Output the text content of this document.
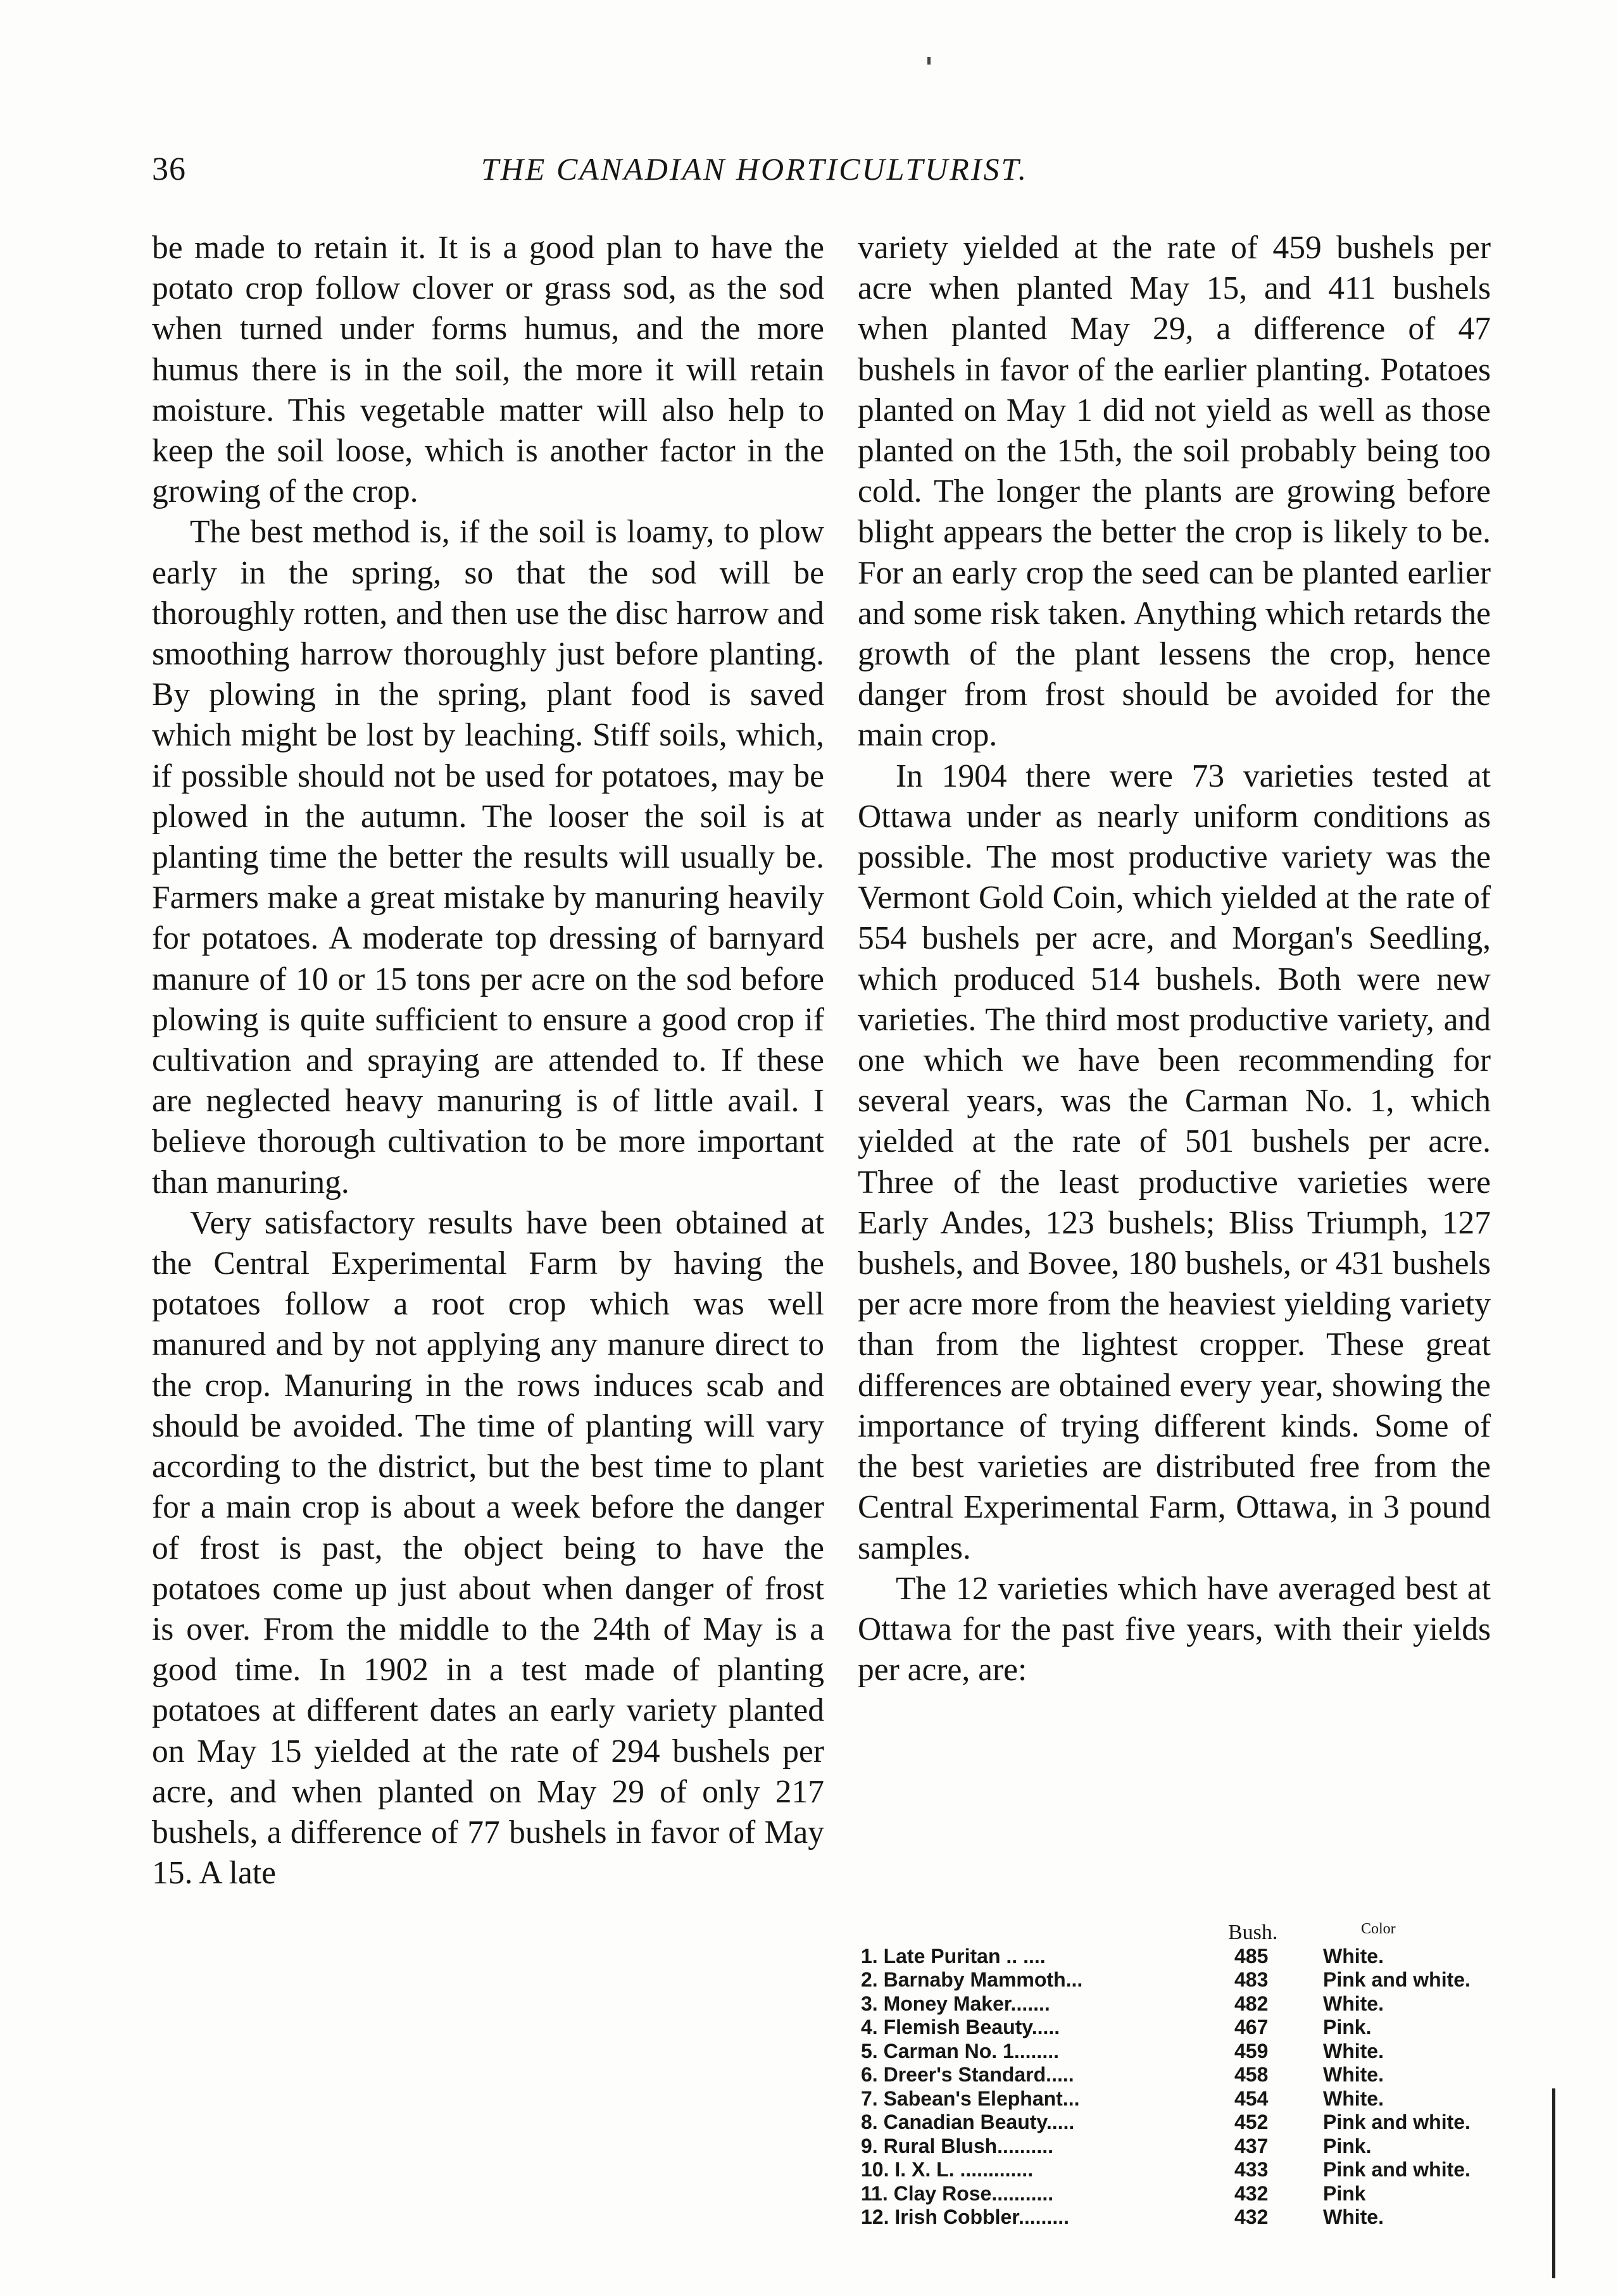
36	THE CANADIAN HORTICULTURIST.

be made to retain it. It is a good plan to have the potato crop follow clover or grass sod, as the sod when turned under forms humus, and the more humus there is in the soil, the more it will retain moisture. This vegetable matter will also help to keep the soil loose, which is another factor in the growing of the crop.

The best method is, if the soil is loamy, to plow early in the spring, so that the sod will be thoroughly rotten, and then use the disc harrow and smoothing harrow thoroughly just before planting. By plowing in the spring, plant food is saved which might be lost by leaching. Stiff soils, which, if possible should not be used for potatoes, may be plowed in the autumn. The looser the soil is at planting time the better the results will usually be. Farmers make a great mistake by manuring heavily for potatoes. A moderate top dressing of barnyard manure of 10 or 15 tons per acre on the sod before plowing is quite sufficient to ensure a good crop if cultivation and spraying are attended to. If these are neglected heavy manuring is of little avail. I believe thorough cultivation to be more important than manuring.

Very satisfactory results have been obtained at the Central Experimental Farm by having the potatoes follow a root crop which was well manured and by not applying any manure direct to the crop. Manuring in the rows induces scab and should be avoided. The time of planting will vary according to the district, but the best time to plant for a main crop is about a week before the danger of frost is past, the object being to have the potatoes come up just about when danger of frost is over. From the middle to the 24th of May is a good time. In 1902 in a test made of planting potatoes at different dates an early variety planted on May 15 yielded at the rate of 294 bushels per acre, and when planted on May 29 of only 217 bushels, a difference of 77 bushels in favor of May 15. A late

variety yielded at the rate of 459 bushels per acre when planted May 15, and 411 bushels when planted May 29, a difference of 47 bushels in favor of the earlier planting. Potatoes planted on May 1 did not yield as well as those planted on the 15th, the soil probably being too cold. The longer the plants are growing before blight appears the better the crop is likely to be. For an early crop the seed can be planted earlier and some risk taken. Anything which retards the growth of the plant lessens the crop, hence danger from frost should be avoided for the main crop.

In 1904 there were 73 varieties tested at Ottawa under as nearly uniform conditions as possible. The most productive variety was the Vermont Gold Coin, which yielded at the rate of 554 bushels per acre, and Morgan's Seedling, which produced 514 bushels. Both were new varieties. The third most productive variety, and one which we have been recommending for several years, was the Carman No. 1, which yielded at the rate of 501 bushels per acre. Three of the least productive varieties were Early Andes, 123 bushels; Bliss Triumph, 127 bushels, and Bovee, 180 bushels, or 431 bushels per acre more from the heaviest yielding variety than from the lightest cropper. These great differences are obtained every year, showing the importance of trying different kinds. Some of the best varieties are distributed free from the Central Experimental Farm, Ottawa, in 3 pound samples.

The 12 varieties which have averaged best at Ottawa for the past five years, with their yields per acre, are:

Bush.	Color
1. Late Puritan .. ....	485	White.
2. Barnaby Mammoth...	483	Pink and white.
3. Money Maker.......	482	White.
4. Flemish Beauty.....	467	Pink.
5. Carman No. 1........	459	White.
6. Dreer's Standard.....	458	White.
7. Sabean's Elephant...	454	White.
8. Canadian Beauty.....	452	Pink and white.
9. Rural Blush..........	437	Pink.
10. I. X. L. .............	433	Pink and white.
11. Clay Rose...........	432	Pink
12. Irish Cobbler.........	432	White.
